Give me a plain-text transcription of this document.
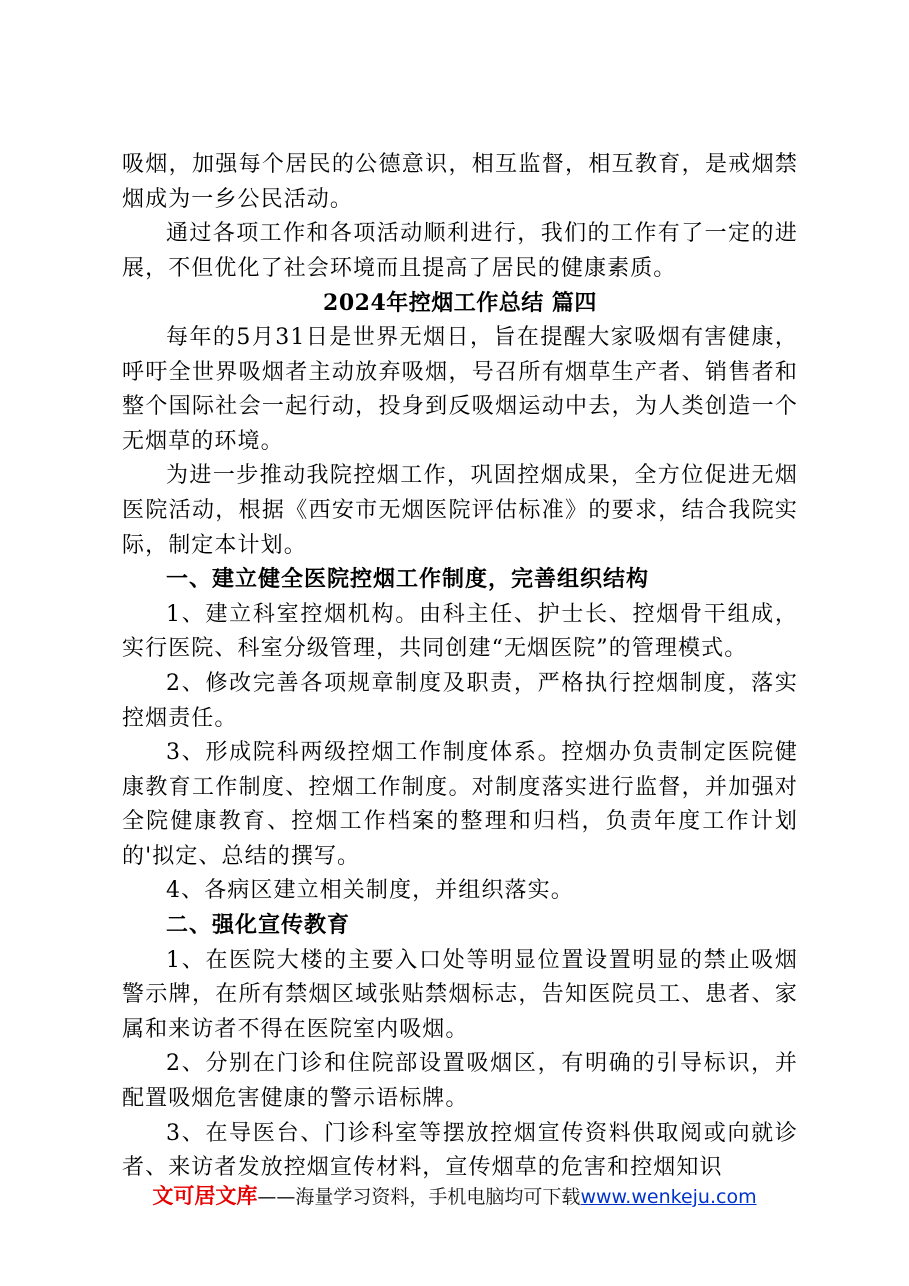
吸烟，加强每个居民的公德意识，相互监督，相互教育，是戒烟禁烟成为一乡公民活动。

通过各项工作和各项活动顺利进行，我们的工作有了一定的进展，不但优化了社会环境而且提高了居民的健康素质。

2024年控烟工作总结 篇四

每年的5月31日是世界无烟日，旨在提醒大家吸烟有害健康，呼吁全世界吸烟者主动放弃吸烟，号召所有烟草生产者、销售者和整个国际社会一起行动，投身到反吸烟运动中去，为人类创造一个无烟草的环境。

为进一步推动我院控烟工作，巩固控烟成果，全方位促进无烟医院活动，根据《西安市无烟医院评估标准》的要求，结合我院实际，制定本计划。

一、建立健全医院控烟工作制度，完善组织结构

1、建立科室控烟机构。由科主任、护士长、控烟骨干组成，实行医院、科室分级管理，共同创建“无烟医院”的管理模式。

2、修改完善各项规章制度及职责，严格执行控烟制度，落实控烟责任。

3、形成院科两级控烟工作制度体系。控烟办负责制定医院健康教育工作制度、控烟工作制度。对制度落实进行监督，并加强对全院健康教育、控烟工作档案的整理和归档，负责年度工作计划的'拟定、总结的撰写。

4、各病区建立相关制度，并组织落实。

二、强化宣传教育

1、在医院大楼的主要入口处等明显位置设置明显的禁止吸烟警示牌，在所有禁烟区域张贴禁烟标志，告知医院员工、患者、家属和来访者不得在医院室内吸烟。

2、分别在门诊和住院部设置吸烟区，有明确的引导标识，并配置吸烟危害健康的警示语标牌。

3、在导医台、门诊科室等摆放控烟宣传资料供取阅或向就诊者、来访者发放控烟宣传材料，宣传烟草的危害和控烟知识

文可居文库——海量学习资料，手机电脑均可下载www.wenkeju.com
